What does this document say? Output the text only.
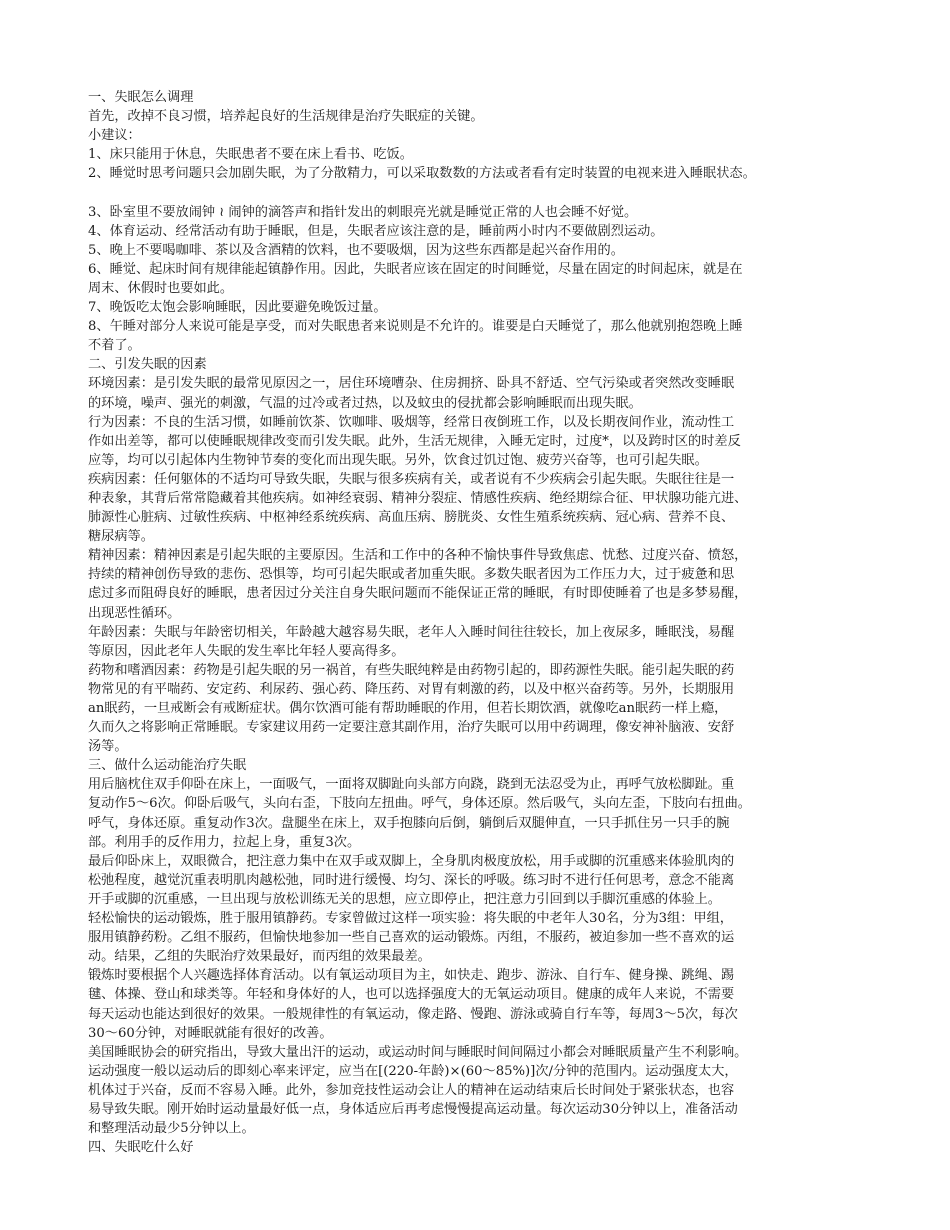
一、失眠怎么调理

首先，改掉不良习惯，培养起良好的生活规律是治疗失眠症的关键。

小建议：

1、床只能用于休息，失眠患者不要在床上看书、吃饭。

2、睡觉时思考问题只会加剧失眠，为了分散精力，可以采取数数的方法或者看有定时装置的电视来进入睡眠状态。

﻿

3、卧室里不要放闹钟 ≀ 闹钟的滴答声和指针发出的刺眼亮光就是睡觉正常的人也会睡不好觉。﻿

4、体育运动、经常活动有助于睡眠，但是，失眠者应该注意的是，睡前两小时内不要做剧烈运动。﻿

5、晚上不要喝咖啡、茶以及含酒精的饮料，也不要吸烟，因为这些东西都是起兴奋作用的。﻿

6、睡觉、起床时间有规律能起镇静作用。因此，失眠者应该在固定的时间睡觉，尽量在固定的时间起床，就是在

周末、休假时也要如此。﻿

7、晚饭吃太饱会影响睡眠，因此要避免晚饭过量。﻿

8、午睡对部分人来说可能是享受，而对失眠患者来说则是不允许的。谁要是白天睡觉了，那么他就别抱怨晚上睡

不着了。

二、引发失眠的因素

环境因素：是引发失眠的最常见原因之一，居住环境嘈杂、住房拥挤、卧具不舒适、空气污染或者突然改变睡眠

的环境，噪声、强光的刺激，气温的过冷或者过热，以及蚊虫的侵扰都会影响睡眠而出现失眠。

行为因素：不良的生活习惯，如睡前饮茶、饮咖啡、吸烟等，经常日夜倒班工作，以及长期夜间作业，流动性工

作如出差等，都可以使睡眠规律改变而引发失眠。此外，生活无规律，入睡无定时，过度*，以及跨时区的时差反

应等，均可以引起体内生物钟节奏的变化而出现失眠。另外，饮食过饥过饱、疲劳兴奋等，也可引起失眠。

疾病因素：任何躯体的不适均可导致失眠，失眠与很多疾病有关，或者说有不少疾病会引起失眠。失眠往往是一

种表象，其背后常常隐藏着其他疾病。如神经衰弱、精神分裂症、情感性疾病、绝经期综合征、甲状腺功能亢进、

肺源性心脏病、过敏性疾病、中枢神经系统疾病、高血压病、膀胱炎、女性生殖系统疾病、冠心病、营养不良、

糖尿病等。

精神因素：精神因素是引起失眠的主要原因。生活和工作中的各种不愉快事件导致焦虑、忧愁、过度兴奋、愤怒，

持续的精神创伤导致的悲伤、恐惧等，均可引起失眠或者加重失眠。多数失眠者因为工作压力大，过于疲惫和思

虑过多而阻碍良好的睡眠，患者因过分关注自身失眠问题而不能保证正常的睡眠，有时即使睡着了也是多梦易醒，

出现恶性循环。

年龄因素：失眠与年龄密切相关，年龄越大越容易失眠，老年人入睡时间往往较长，加上夜尿多，睡眠浅，易醒

等原因，因此老年人失眠的发生率比年轻人要高得多。

药物和嗜酒因素：药物是引起失眠的另一祸首，有些失眠纯粹是由药物引起的，即药源性失眠。能引起失眠的药

物常见的有平喘药、安定药、利尿药、强心药、降压药、对胃有刺激的药，以及中枢兴奋药等。另外，长期服用

an眠药，一旦戒断会有戒断症状。偶尔饮酒可能有帮助睡眠的作用，但若长期饮酒，就像吃an眠药一样上瘾，

久而久之将影响正常睡眠。专家建议用药一定要注意其副作用，治疗失眠可以用中药调理，像安神补脑液、安舒

汤等。

三、做什么运动能治疗失眠

用后脑枕住双手仰卧在床上，一面吸气，一面将双脚趾向头部方向跷，跷到无法忍受为止，再呼气放松脚趾。重

复动作5～6次。仰卧后吸气，头向右歪，下肢向左扭曲。呼气，身体还原。然后吸气，头向左歪，下肢向右扭曲。

呼气，身体还原。重复动作3次。盘腿坐在床上，双手抱膝向后倒，躺倒后双腿伸直，一只手抓住另一只手的腕

部。利用手的反作用力，拉起上身，重复3次。

最后仰卧床上，双眼微合，把注意力集中在双手或双脚上，全身肌肉极度放松，用手或脚的沉重感来体验肌肉的

松弛程度，越觉沉重表明肌肉越松弛，同时进行缓慢、均匀、深长的呼吸。练习时不进行任何思考，意念不能离

开手或脚的沉重感，一旦出现与放松训练无关的思想，应立即停止，把注意力引回到以手脚沉重感的体验上。

轻松愉快的运动锻炼，胜于服用镇静药。专家曾做过这样一项实验：将失眠的中老年人30名，分为3组：甲组，

服用镇静药粉。乙组不服药，但愉快地参加一些自己喜欢的运动锻炼。丙组，不服药，被迫参加一些不喜欢的运

动。结果，乙组的失眠治疗效果最好，而丙组的效果最差。

锻炼时要根据个人兴趣选择体育活动。以有氧运动项目为主，如快走、跑步、游泳、自行车、健身操、跳绳、踢

毽、体操、登山和球类等。年轻和身体好的人，也可以选择强度大的无氧运动项目。健康的成年人来说，不需要

每天运动也能达到很好的效果。一般规律性的有氧运动，像走路、慢跑、游泳或骑自行车等，每周3～5次，每次

30～60分钟，对睡眠就能有很好的改善。

美国睡眠协会的研究指出，导致大量出汗的运动，或运动时间与睡眠时间间隔过小都会对睡眠质量产生不利影响。

运动强度一般以运动后的即刻心率来评定，应当在[(220-年龄)×(60～85%)]次/分钟的范围内。运动强度太大，

机体过于兴奋，反而不容易入睡。此外，参加竞技性运动会让人的精神在运动结束后长时间处于紧张状态，也容

易导致失眠。刚开始时运动量最好低一点，身体适应后再考虑慢慢提高运动量。每次运动30分钟以上，准备活动

和整理活动最少5分钟以上。

四、失眠吃什么好
